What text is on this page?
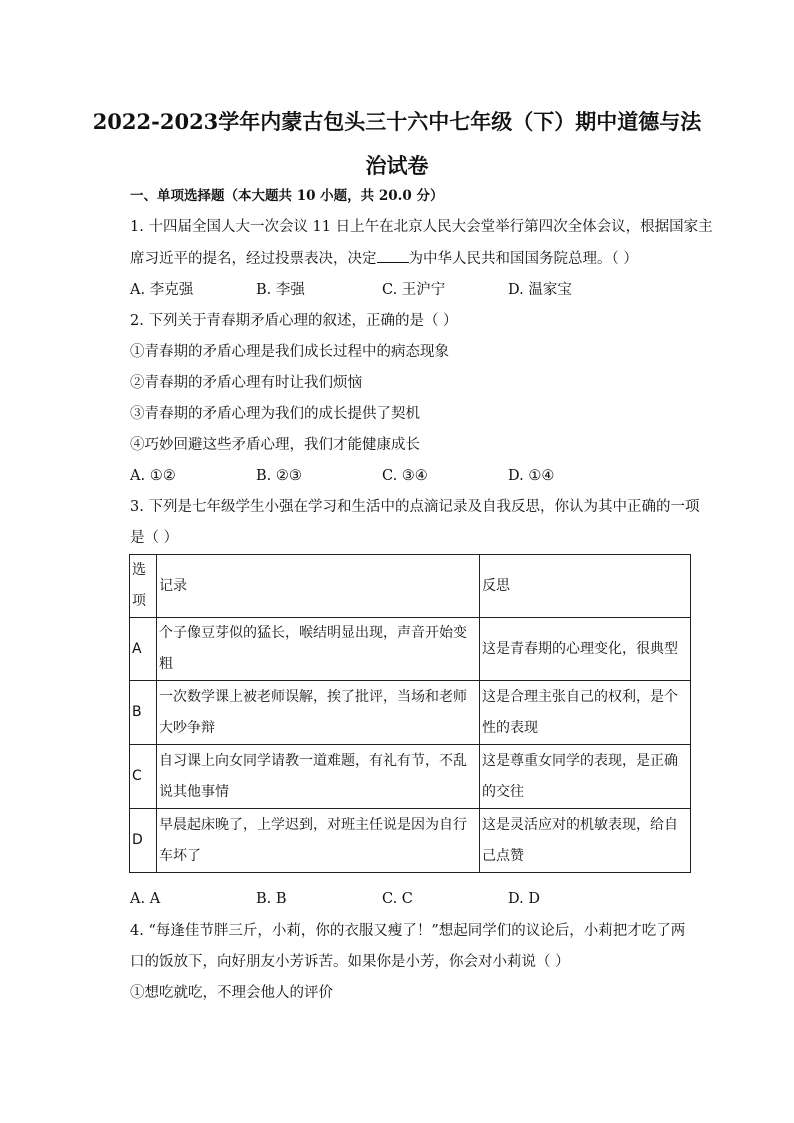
2022-2023学年内蒙古包头三十六中七年级（下）期中道德与法
治试卷
一、单项选择题（本大题共 10 小题，共 20.0 分）
1. 十四届全国人大一次会议 11 日上午在北京人民大会堂举行第四次全体会议，根据国家主
席习近平的提名，经过投票表决，决定 为中华人民共和国国务院总理。（ ）
A. 李克强	B. 李强	C. 王沪宁	D. 温家宝
2. 下列关于青春期矛盾心理的叙述，正确的是（ ）
①青春期的矛盾心理是我们成长过程中的病态现象
②青春期的矛盾心理有时让我们烦恼
③青春期的矛盾心理为我们的成长提供了契机
④巧妙回避这些矛盾心理，我们才能健康成长
A. ①②	B. ②③	C. ③④	D. ①④
3. 下列是七年级学生小强在学习和生活中的点滴记录及自我反思，你认为其中正确的一项
是（ ）
选项	记录	反思
A	个子像豆芽似的猛长，喉结明显出现，声音开始变粗	这是青春期的心理变化，很典型
B	一次数学课上被老师误解，挨了批评，当场和老师大吵争辩	这是合理主张自己的权利，是个性的表现
C	自习课上向女同学请教一道难题，有礼有节，不乱说其他事情	这是尊重女同学的表现，是正确的交往
D	早晨起床晚了，上学迟到，对班主任说是因为自行车坏了	这是灵活应对的机敏表现，给自己点赞
A. A	B. B	C. C	D. D
4. “每逢佳节胖三斤，小莉，你的衣服又瘦了！”想起同学们的议论后，小莉把才吃了两
口的饭放下，向好朋友小芳诉苦。如果你是小芳，你会对小莉说（ ）
①想吃就吃，不理会他人的评价
